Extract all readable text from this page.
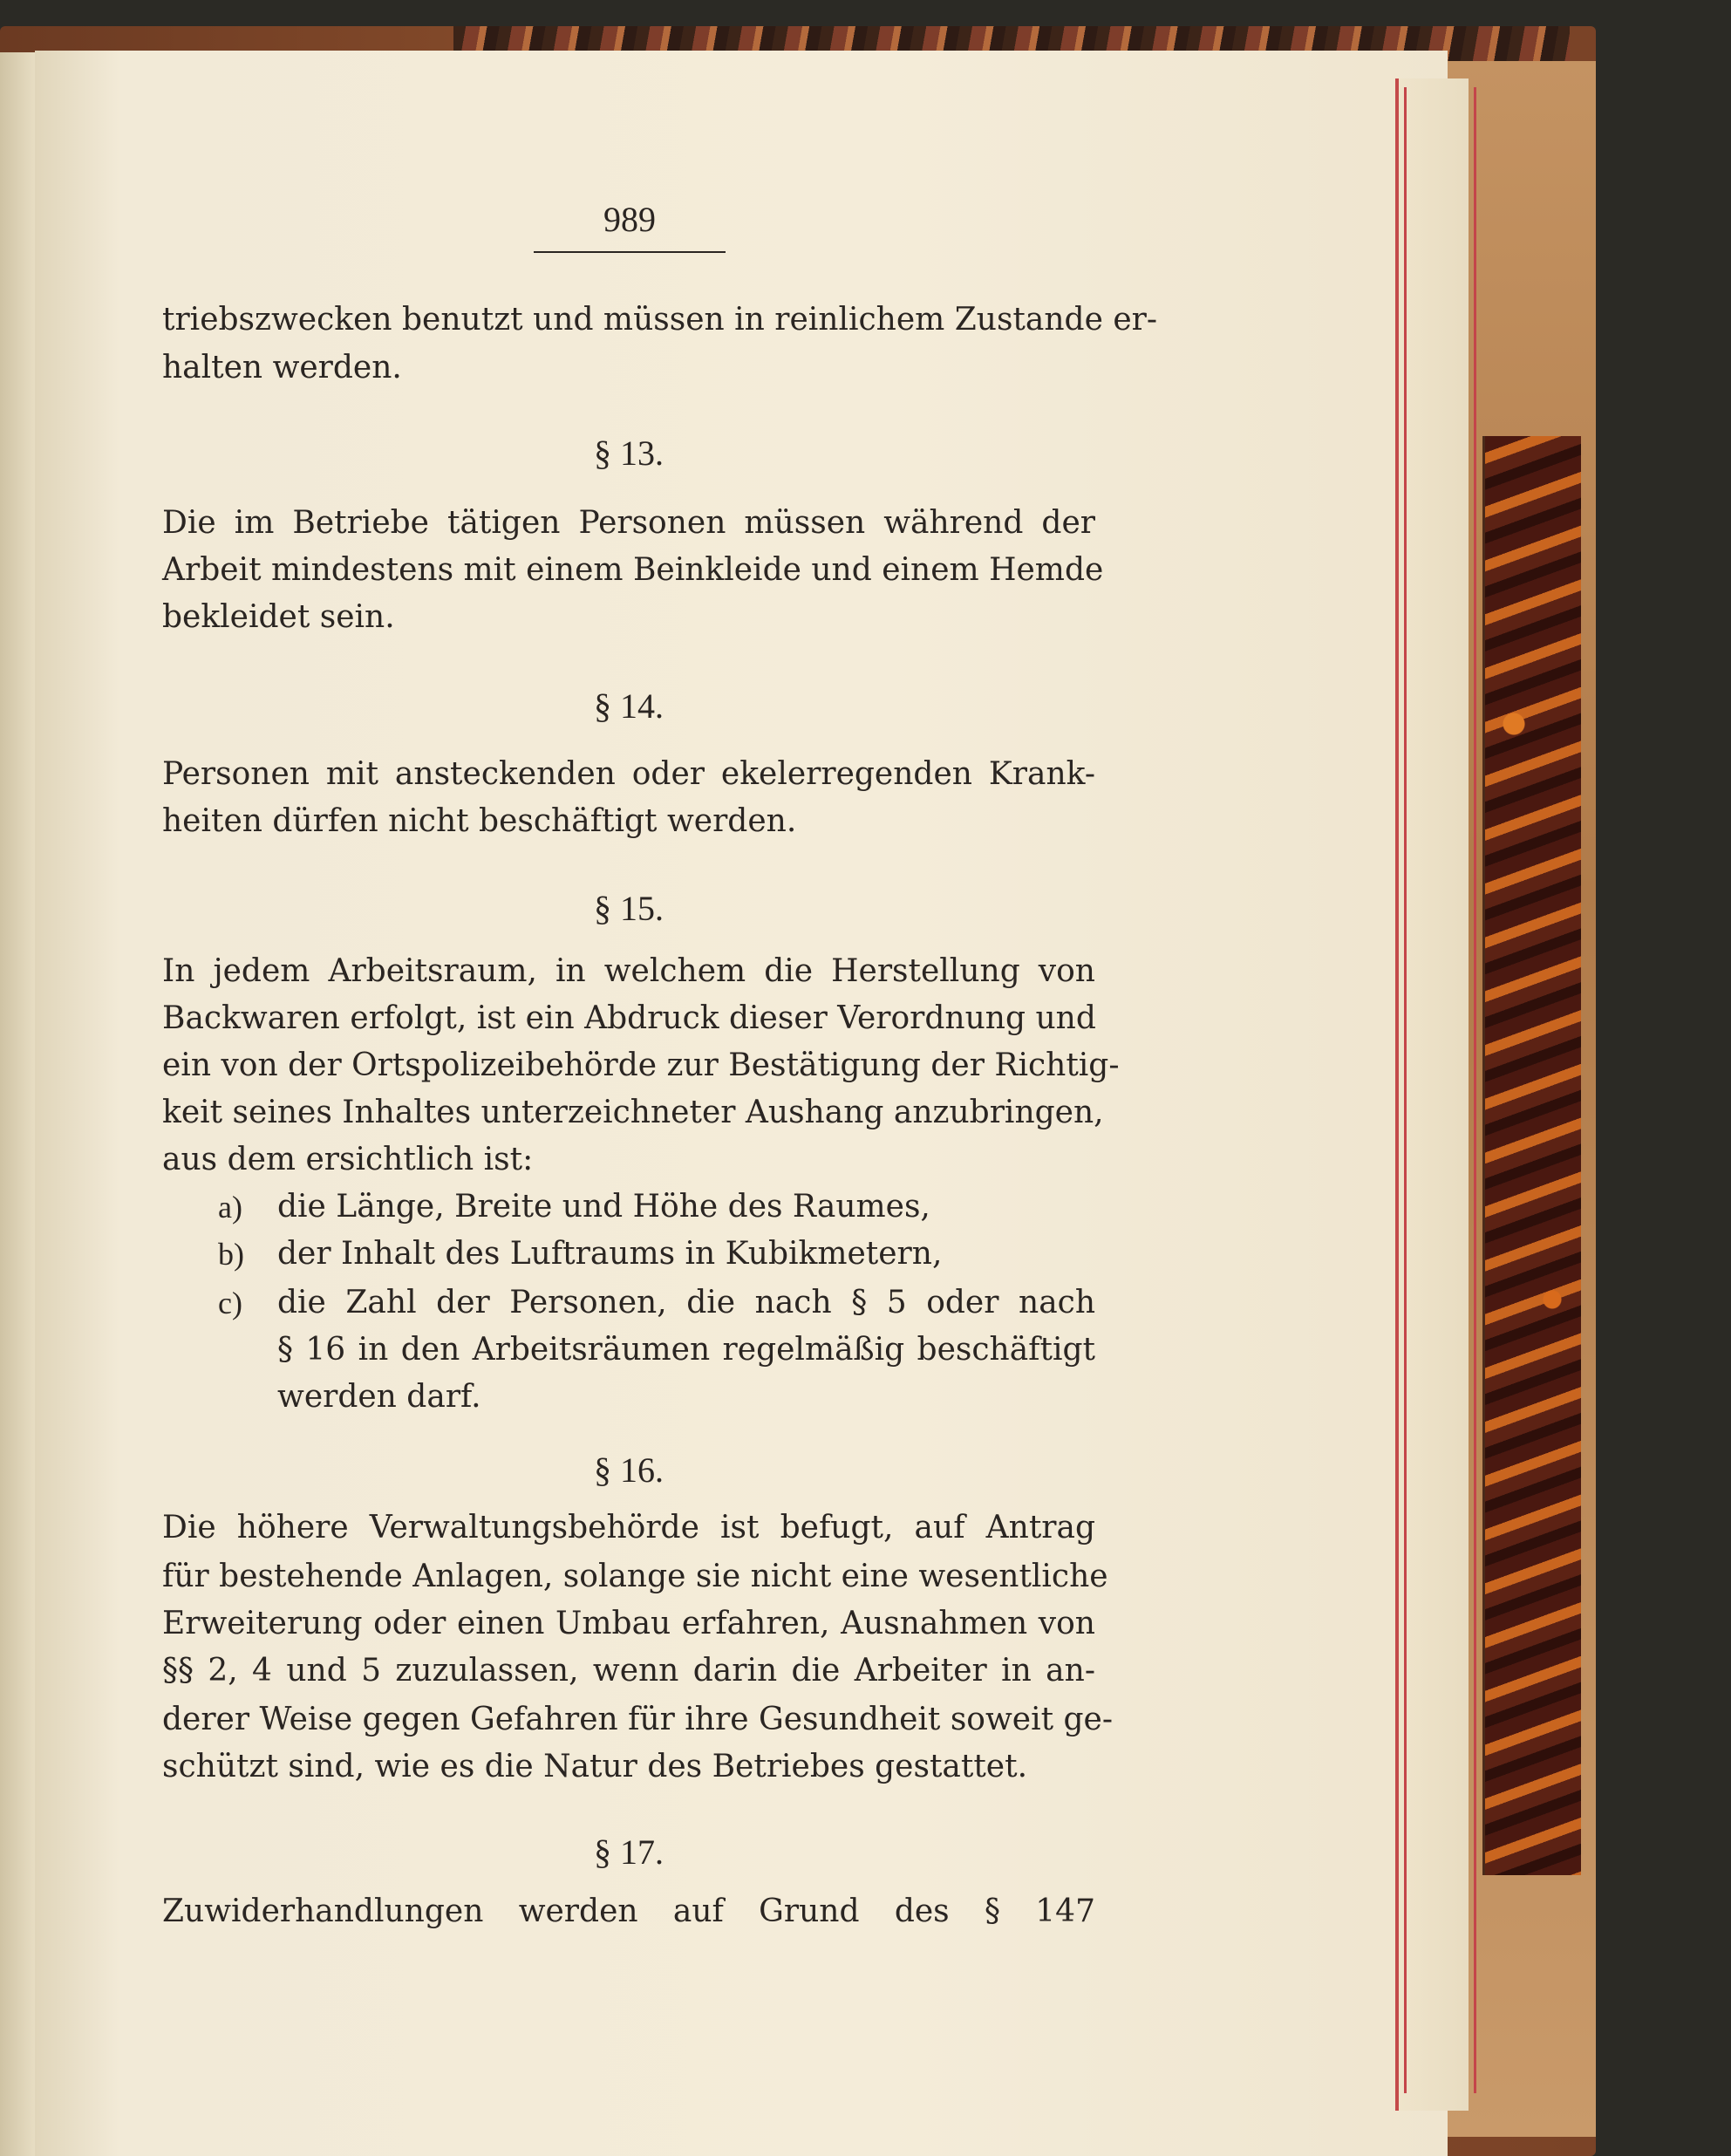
989
triebszwecken benutzt und müssen in reinlichem Zustande er-
halten werden.
§ 13.
Die im Betriebe tätigen Personen müssen während der
Arbeit mindestens mit einem Beinkleide und einem Hemde
bekleidet sein.
§ 14.
Personen mit ansteckenden oder ekelerregenden Krank-
heiten dürfen nicht beschäftigt werden.
§ 15.
In jedem Arbeitsraum, in welchem die Herstellung von
Backwaren erfolgt, ist ein Abdruck dieser Verordnung und
ein von der Ortspolizeibehörde zur Bestätigung der Richtig-
keit seines Inhaltes unterzeichneter Aushang anzubringen,
aus dem ersichtlich ist:
a)	die Länge, Breite und Höhe des Raumes,
b)	der Inhalt des Luftraums in Kubikmetern,
c)	die Zahl der Personen, die nach § 5 oder nach
§ 16 in den Arbeitsräumen regelmäßig beschäftigt
werden darf.
§ 16.
Die höhere Verwaltungsbehörde ist befugt, auf Antrag
für bestehende Anlagen, solange sie nicht eine wesentliche
Erweiterung oder einen Umbau erfahren, Ausnahmen von
§§ 2, 4 und 5 zuzulassen, wenn darin die Arbeiter in an-
derer Weise gegen Gefahren für ihre Gesundheit soweit ge-
schützt sind, wie es die Natur des Betriebes gestattet.
§ 17.
Zuwiderhandlungen werden auf Grund des § 147
